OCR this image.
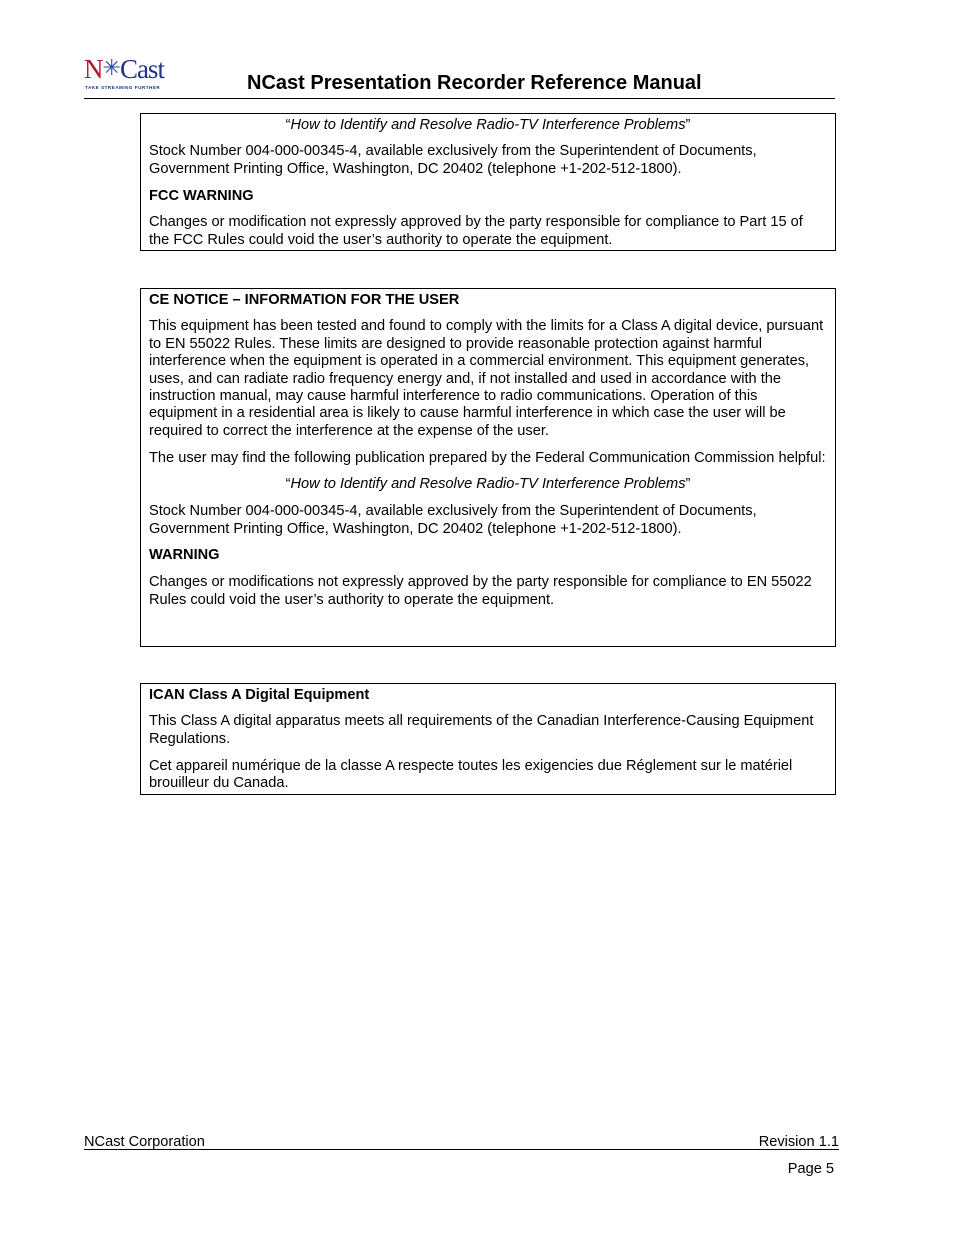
N✳Cast
TAKE STREAMING FURTHER	NCast Presentation Recorder Reference Manual

“How to Identify and Resolve Radio-TV Interference Problems”

Stock Number 004-000-00345-4, available exclusively from the Superintendent of Documents, Government Printing Office, Washington, DC 20402 (telephone +1-202-512-1800).

FCC WARNING

Changes or modification not expressly approved by the party responsible for compliance to Part 15 of the FCC Rules could void the user’s authority to operate the equipment.

CE NOTICE – INFORMATION FOR THE USER

This equipment has been tested and found to comply with the limits for a Class A digital device, pursuant to EN 55022 Rules. These limits are designed to provide reasonable protection against harmful interference when the equipment is operated in a commercial environment. This equipment generates, uses, and can radiate radio frequency energy and, if not installed and used in accordance with the instruction manual, may cause harmful interference to radio communications. Operation of this equipment in a residential area is likely to cause harmful interference in which case the user will be required to correct the interference at the expense of the user.

The user may find the following publication prepared by the Federal Communication Commission helpful:

“How to Identify and Resolve Radio-TV Interference Problems”

Stock Number 004-000-00345-4, available exclusively from the Superintendent of Documents, Government Printing Office, Washington, DC 20402 (telephone +1-202-512-1800).

WARNING

Changes or modifications not expressly approved by the party responsible for compliance to EN 55022 Rules could void the user’s authority to operate the equipment.

ICAN Class A Digital Equipment

This Class A digital apparatus meets all requirements of the Canadian Interference-Causing Equipment Regulations.

Cet appareil numérique de la classe A respecte toutes les exigencies due Réglement sur le matériel brouilleur du Canada.

NCast Corporation	Revision 1.1
Page 5
